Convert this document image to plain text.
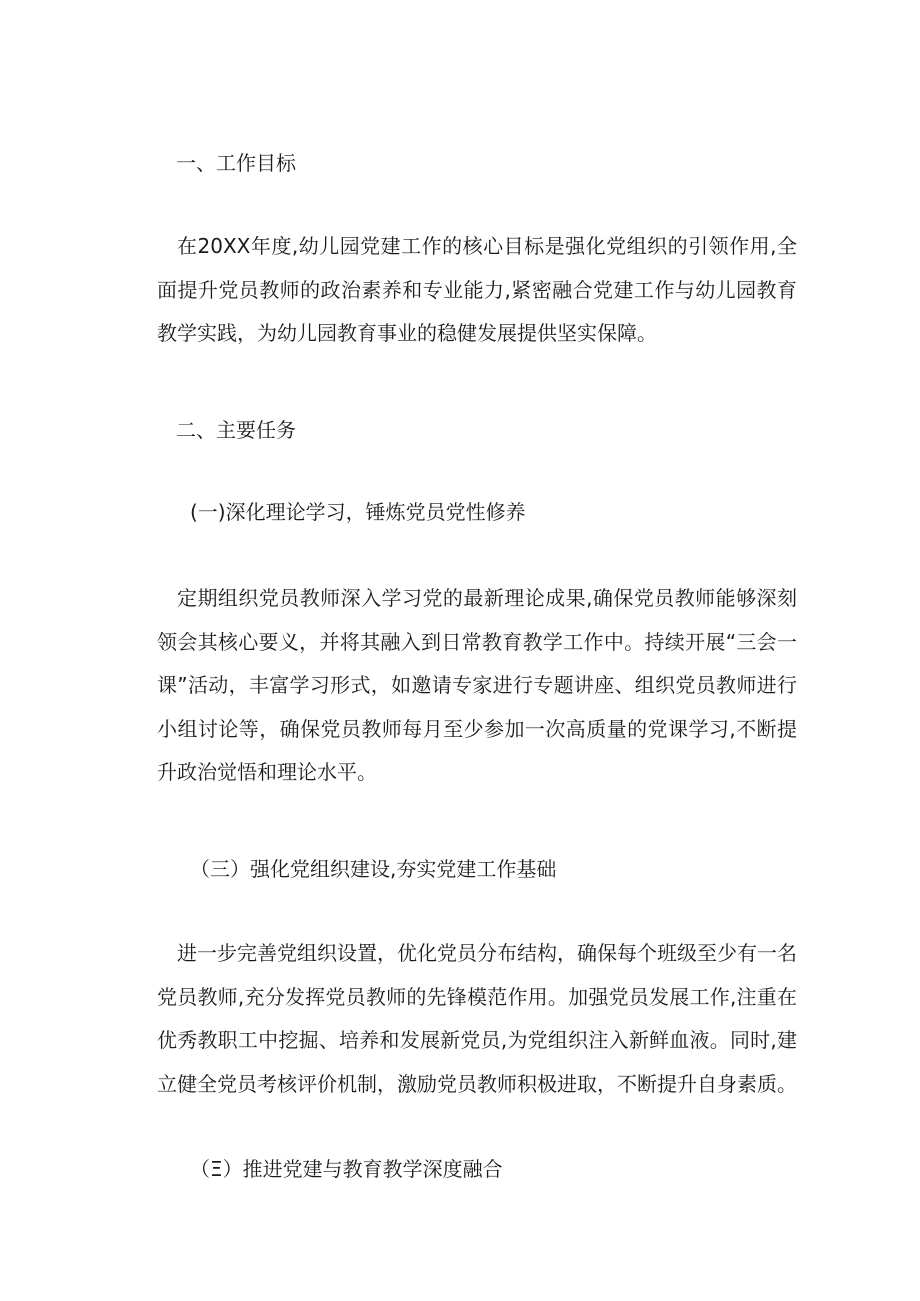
一、工作目标
在20XX年度,幼儿园党建工作的核心目标是强化党组织的引领作用,全面提升党员教师的政治素养和专业能力,紧密融合党建工作与幼儿园教育教学实践，为幼儿园教育事业的稳健发展提供坚实保障。
二、主要任务
(一)深化理论学习，锤炼党员党性修养
定期组织党员教师深入学习党的最新理论成果,确保党员教师能够深刻领会其核心要义，并将其融入到日常教育教学工作中。持续开展“三会一课”活动，丰富学习形式，如邀请专家进行专题讲座、组织党员教师进行小组讨论等，确保党员教师每月至少参加一次高质量的党课学习,不断提升政治觉悟和理论水平。
（三）强化党组织建设,夯实党建工作基础
进一步完善党组织设置，优化党员分布结构，确保每个班级至少有一名党员教师,充分发挥党员教师的先锋模范作用。加强党员发展工作,注重在优秀教职工中挖掘、培养和发展新党员,为党组织注入新鲜血液。同时,建立健全党员考核评价机制，激励党员教师积极进取，不断提升自身素质。
（Ξ）推进党建与教育教学深度融合
